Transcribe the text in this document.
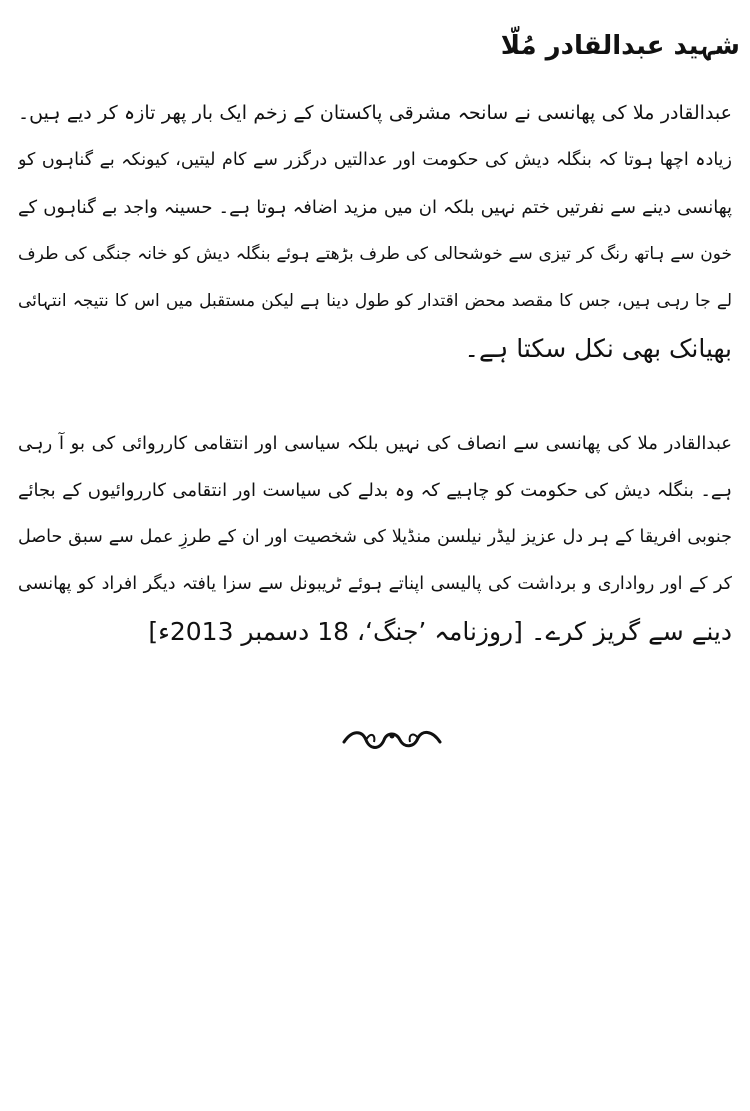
شہید عبدالقادر مُلّا
عبدالقادر ملا کی پھانسی نے سانحہ مشرقی پاکستان کے زخم ایک بار پھر تازہ کر دیے ہیں۔
زیادہ اچھا ہوتا کہ بنگلہ دیش کی حکومت اور عدالتیں درگزر سے کام لیتیں، کیونکہ بے گناہوں کو
پھانسی دینے سے نفرتیں ختم نہیں بلکہ ان میں مزید اضافہ ہوتا ہے۔ حسینہ واجد بے گناہوں کے
خون سے ہاتھ رنگ کر تیزی سے خوشحالی کی طرف بڑھتے ہوئے بنگلہ دیش کو خانہ جنگی کی طرف
لے جا رہی ہیں، جس کا مقصد محض اقتدار کو طول دینا ہے لیکن مستقبل میں اس کا نتیجہ انتہائی
بھیانک بھی نکل سکتا ہے۔
عبدالقادر ملا کی پھانسی سے انصاف کی نہیں بلکہ سیاسی اور انتقامی کارروائی کی بو آ رہی
ہے۔ بنگلہ دیش کی حکومت کو چاہیے کہ وہ بدلے کی سیاست اور انتقامی کارروائیوں کے بجائے
جنوبی افریقا کے ہر دل عزیز لیڈر نیلسن منڈیلا کی شخصیت اور ان کے طرزِ عمل سے سبق حاصل
کر کے اور رواداری و برداشت کی پالیسی اپناتے ہوئے ٹریبونل سے سزا یافتہ دیگر افراد کو پھانسی
دینے سے گریز کرے۔ [روزنامہ ’جنگ‘، 18 دسمبر 2013ء]
